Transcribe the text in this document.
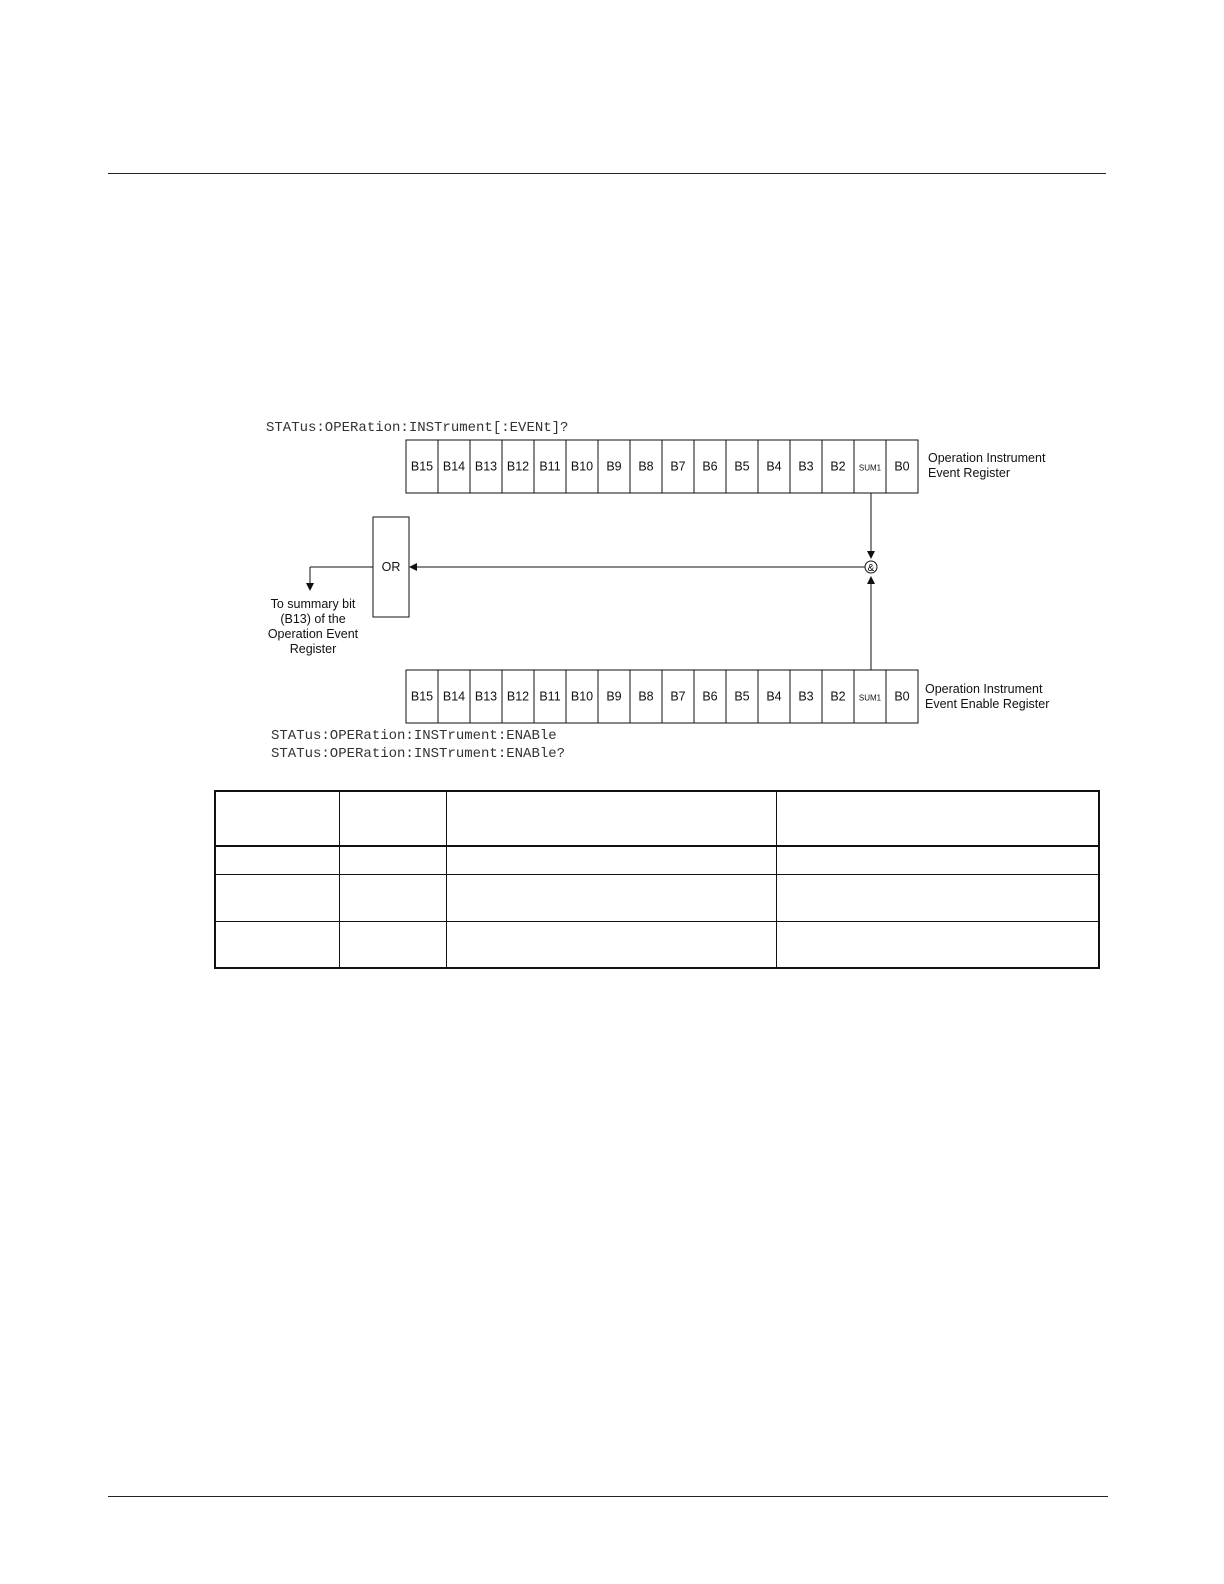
STATus:OPERation:INSTrument[:EVENt]?
B15 B14 B13 B12 B11 B10 B9 B8 B7 B6 B5 B4 B3 B2 SUM1 B0
Operation Instrument
Event Register
&
OR
To summary bit
(B13) of the
Operation Event
Register
B15 B14 B13 B12 B11 B10 B9 B8 B7 B6 B5 B4 B3 B2 SUM1 B0
Operation Instrument
Event Enable Register
STATus:OPERation:INSTrument:ENABle
STATus:OPERation:INSTrument:ENABle?
